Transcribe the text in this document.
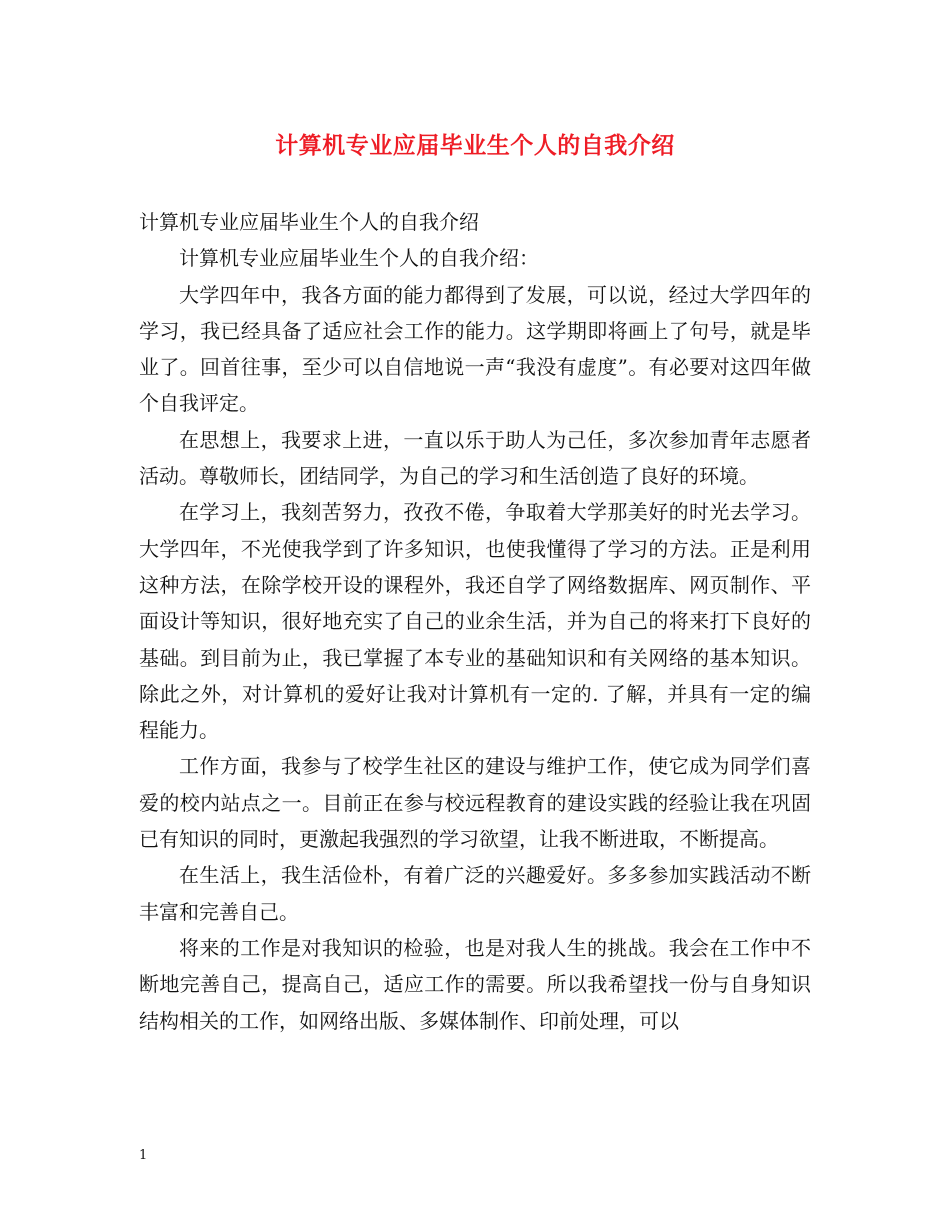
计算机专业应届毕业生个人的自我介绍

计算机专业应届毕业生个人的自我介绍

计算机专业应届毕业生个人的自我介绍：

大学四年中，我各方面的能力都得到了发展，可以说，经过大学四年的学习，我已经具备了适应社会工作的能力。这学期即将画上了句号，就是毕业了。回首往事，至少可以自信地说一声“我没有虚度”。有必要对这四年做个自我评定。

在思想上，我要求上进，一直以乐于助人为己任，多次参加青年志愿者活动。尊敬师长，团结同学，为自己的学习和生活创造了良好的环境。

在学习上，我刻苦努力，孜孜不倦，争取着大学那美好的时光去学习。大学四年，不光使我学到了许多知识，也使我懂得了学习的方法。正是利用这种方法，在除学校开设的课程外，我还自学了网络数据库、网页制作、平面设计等知识，很好地充实了自己的业余生活，并为自己的将来打下良好的基础。到目前为止，我已掌握了本专业的基础知识和有关网络的基本知识。除此之外，对计算机的爱好让我对计算机有一定的. 了解，并具有一定的编程能力。

工作方面，我参与了校学生社区的建设与维护工作，使它成为同学们喜爱的校内站点之一。目前正在参与校远程教育的建设实践的经验让我在巩固已有知识的同时，更激起我强烈的学习欲望，让我不断进取，不断提高。

在生活上，我生活俭朴，有着广泛的兴趣爱好。多多参加实践活动不断丰富和完善自己。

将来的工作是对我知识的检验，也是对我人生的挑战。我会在工作中不断地完善自己，提高自己，适应工作的需要。所以我希望找一份与自身知识结构相关的工作，如网络出版、多媒体制作、印前处理，可以

1
